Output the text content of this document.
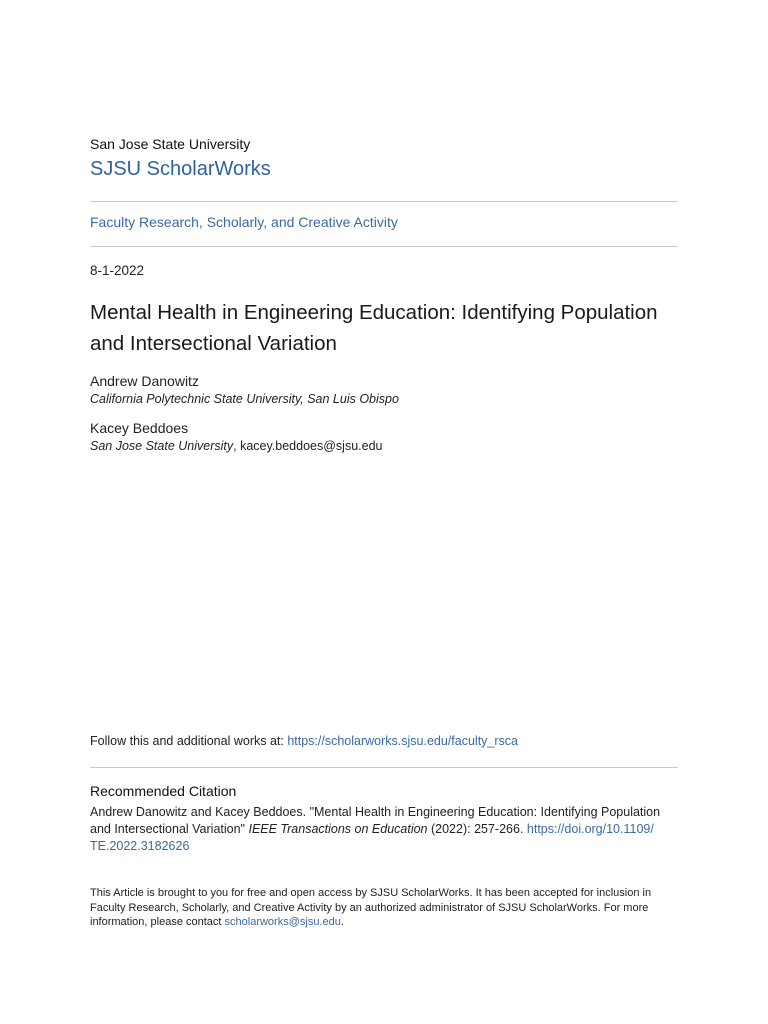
San Jose State University
SJSU ScholarWorks
Faculty Research, Scholarly, and Creative Activity
8-1-2022
Mental Health in Engineering Education: Identifying Population and Intersectional Variation
Andrew Danowitz
California Polytechnic State University, San Luis Obispo
Kacey Beddoes
San Jose State University, kacey.beddoes@sjsu.edu
Follow this and additional works at: https://scholarworks.sjsu.edu/faculty_rsca
Recommended Citation
Andrew Danowitz and Kacey Beddoes. "Mental Health in Engineering Education: Identifying Population and Intersectional Variation" IEEE Transactions on Education (2022): 257-266. https://doi.org/10.1109/
TE.2022.3182626
This Article is brought to you for free and open access by SJSU ScholarWorks. It has been accepted for inclusion in Faculty Research, Scholarly, and Creative Activity by an authorized administrator of SJSU ScholarWorks. For more information, please contact scholarworks@sjsu.edu.
